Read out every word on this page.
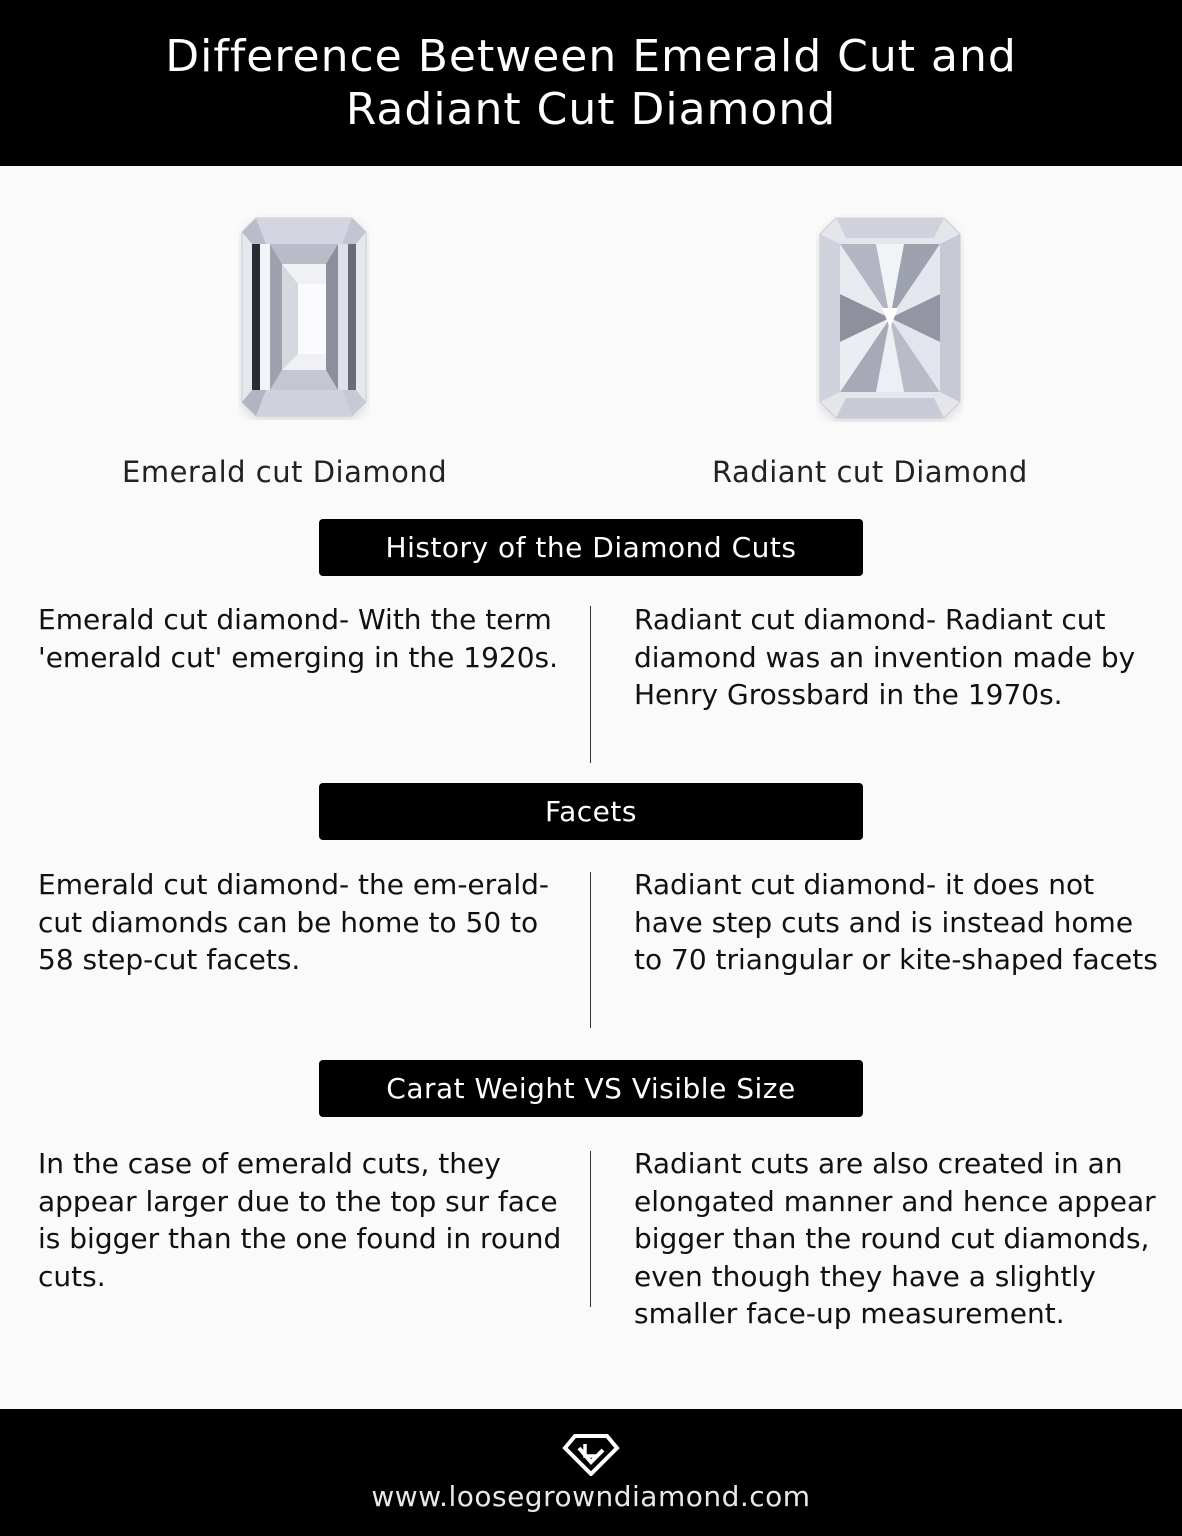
Difference Between Emerald Cut and Radiant Cut Diamond
Emerald cut Diamond	Radiant cut Diamond
History of the Diamond Cuts
Emerald cut diamond- With the term 'emerald cut' emerging in the 1920s.
Radiant cut diamond- Radiant cut diamond was an invention made by Henry Grossbard in the 1970s.
Facets
Emerald cut diamond- the em-erald-cut diamonds can be home to 50 to 58 step-cut facets.
Radiant cut diamond- it does not have step cuts and is instead home to 70 triangular or kite-shaped facets
Carat Weight VS Visible Size
In the case of emerald cuts, they appear larger due to the top sur face is bigger than the one found in round cuts.
Radiant cuts are also created in an elongated manner and hence appear bigger than the round cut diamonds, even though they have a slightly smaller face-up measurement.
www.loosegrowndiamond.com
